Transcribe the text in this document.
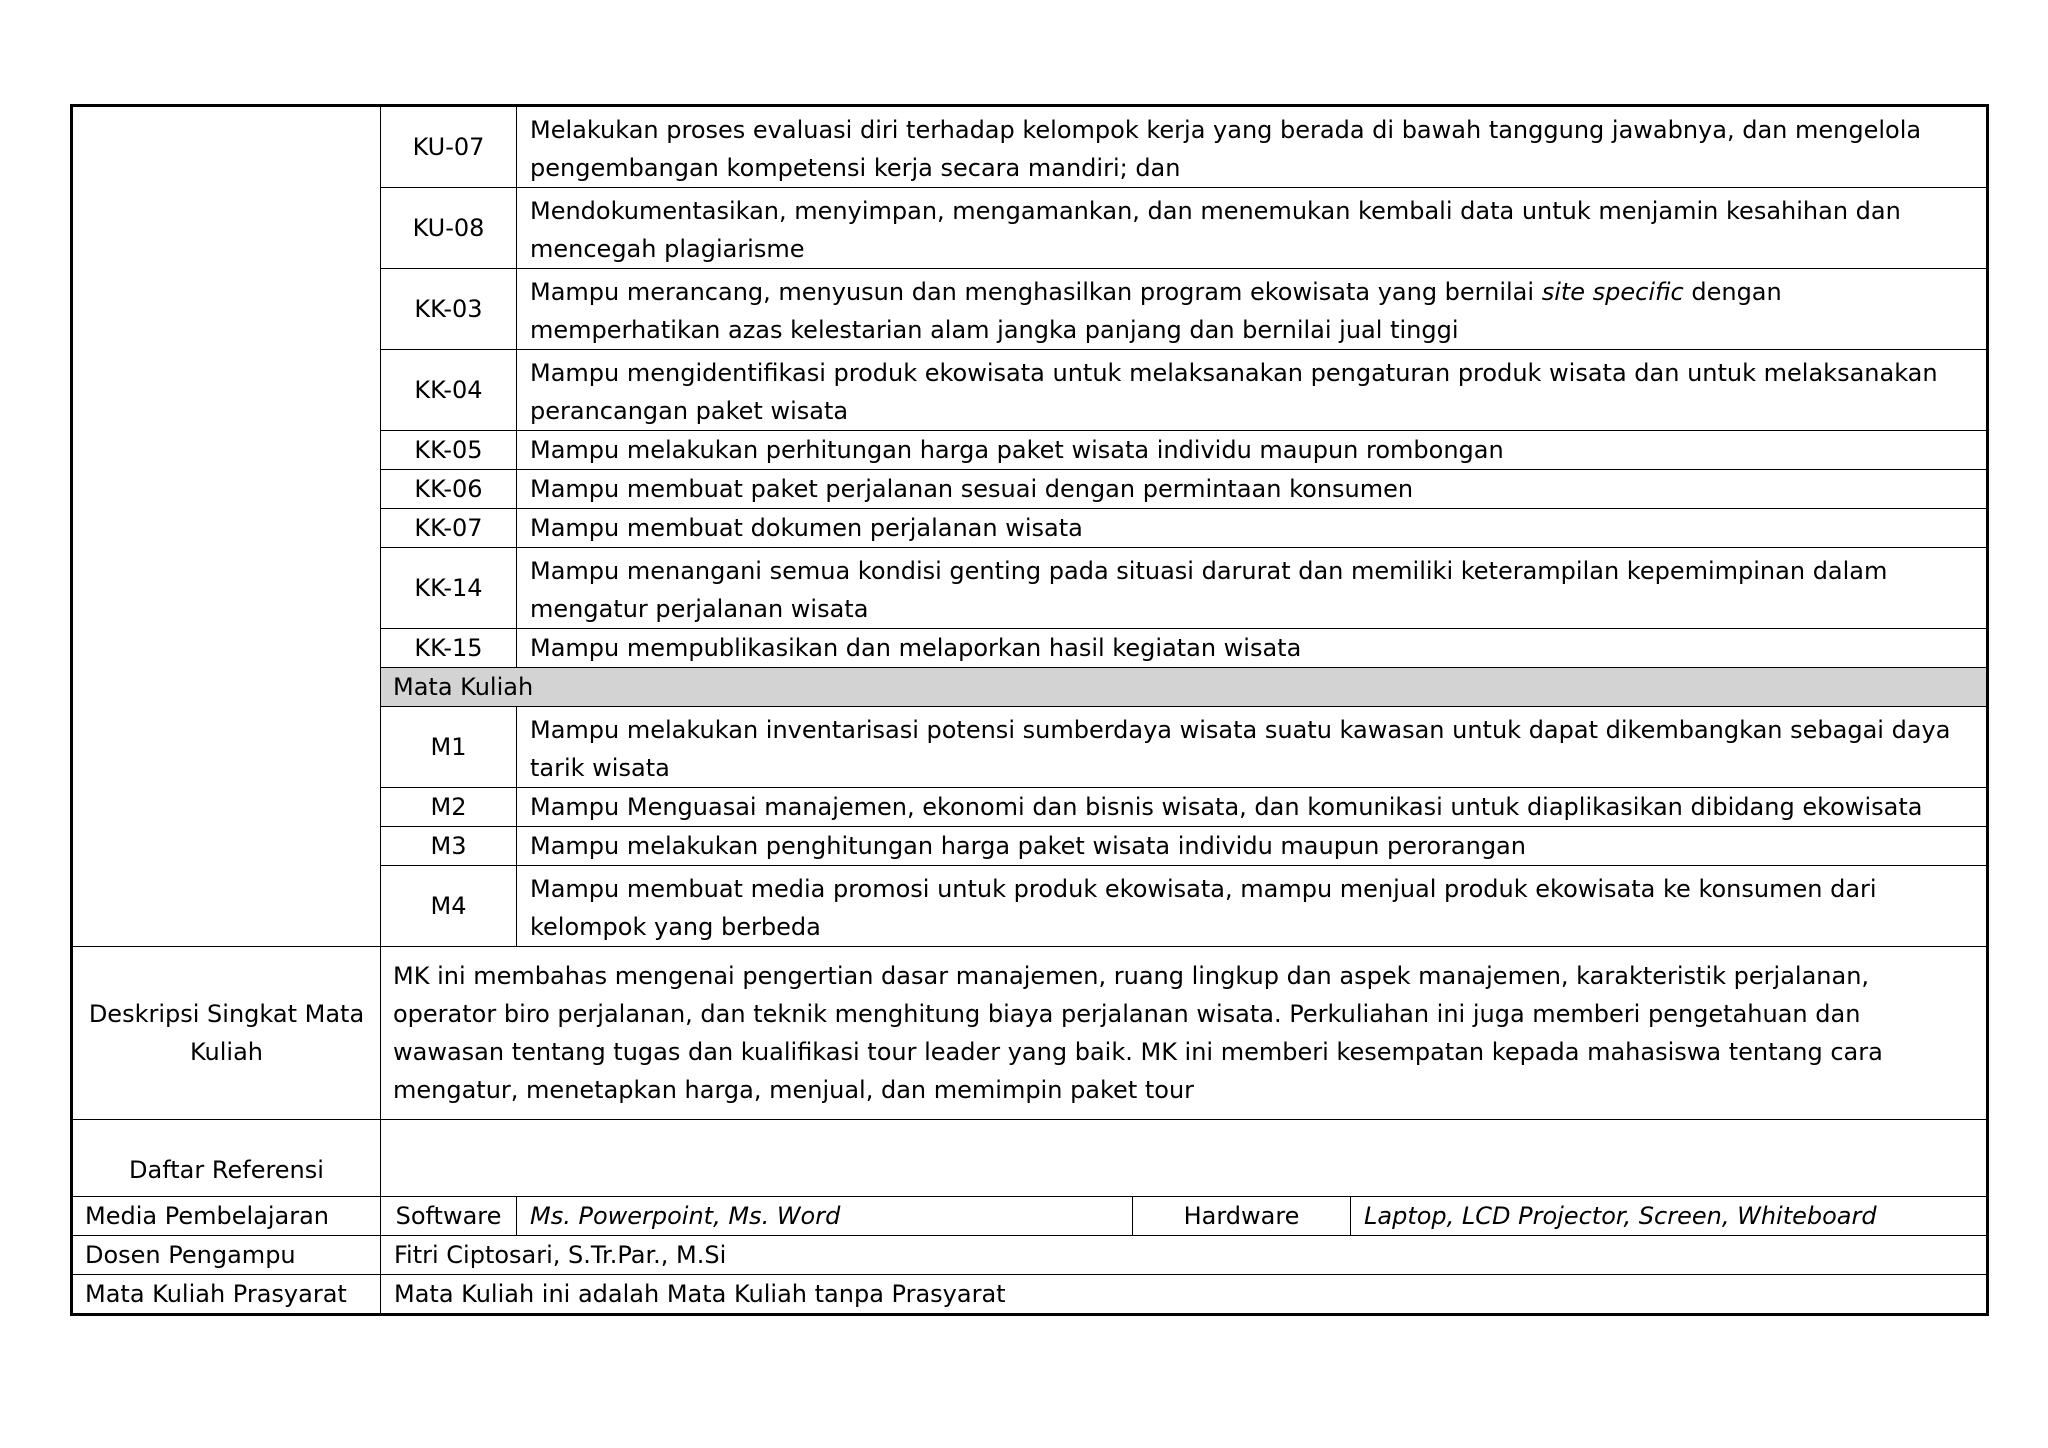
	KU-07	Melakukan proses evaluasi diri terhadap kelompok kerja yang berada di bawah tanggung jawabnya, dan mengelola pengembangan kompetensi kerja secara mandiri; dan		
	KU-08	Mendokumentasikan, menyimpan, mengamankan, dan menemukan kembali data untuk menjamin kesahihan dan mencegah plagiarisme		
	KK-03	Mampu merancang, menyusun dan menghasilkan program ekowisata yang bernilai site specific dengan memperhatikan azas kelestarian alam jangka panjang dan bernilai jual tinggi		
	KK-04	Mampu mengidentifikasi produk ekowisata untuk melaksanakan pengaturan produk wisata dan untuk melaksanakan perancangan paket wisata		
	KK-05	Mampu melakukan perhitungan harga paket wisata individu maupun rombongan		
	KK-06	Mampu membuat paket perjalanan sesuai dengan permintaan konsumen		
	KK-07	Mampu membuat dokumen perjalanan wisata		
	KK-14	Mampu menangani semua kondisi genting pada situasi darurat dan memiliki keterampilan kepemimpinan dalam mengatur perjalanan wisata		
	KK-15	Mampu mempublikasikan dan melaporkan hasil kegiatan wisata		
	Mata Kuliah			
	M1	Mampu melakukan inventarisasi potensi sumberdaya wisata suatu kawasan untuk dapat dikembangkan sebagai daya tarik wisata		
	M2	Mampu Menguasai manajemen, ekonomi dan bisnis wisata, dan komunikasi untuk diaplikasikan dibidang ekowisata		
	M3	Mampu melakukan penghitungan harga paket wisata individu maupun perorangan		
	M4	Mampu membuat media promosi untuk produk ekowisata, mampu menjual produk ekowisata ke konsumen dari kelompok yang berbeda		
Deskripsi Singkat Mata Kuliah	MK ini membahas mengenai pengertian dasar manajemen, ruang lingkup dan aspek manajemen, karakteristik perjalanan, operator biro perjalanan, dan teknik menghitung biaya perjalanan wisata. Perkuliahan ini juga memberi pengetahuan dan wawasan tentang tugas dan kualifikasi tour leader yang baik. MK ini memberi kesempatan kepada mahasiswa tentang cara mengatur, menetapkan harga, menjual, dan memimpin paket tour			
Daftar Referensi				
Media Pembelajaran	Software	Ms. Powerpoint, Ms. Word	Hardware	Laptop, LCD Projector, Screen, Whiteboard
Dosen Pengampu	Fitri Ciptosari, S.Tr.Par., M.Si			
Mata Kuliah Prasyarat	Mata Kuliah ini adalah Mata Kuliah tanpa Prasyarat			
